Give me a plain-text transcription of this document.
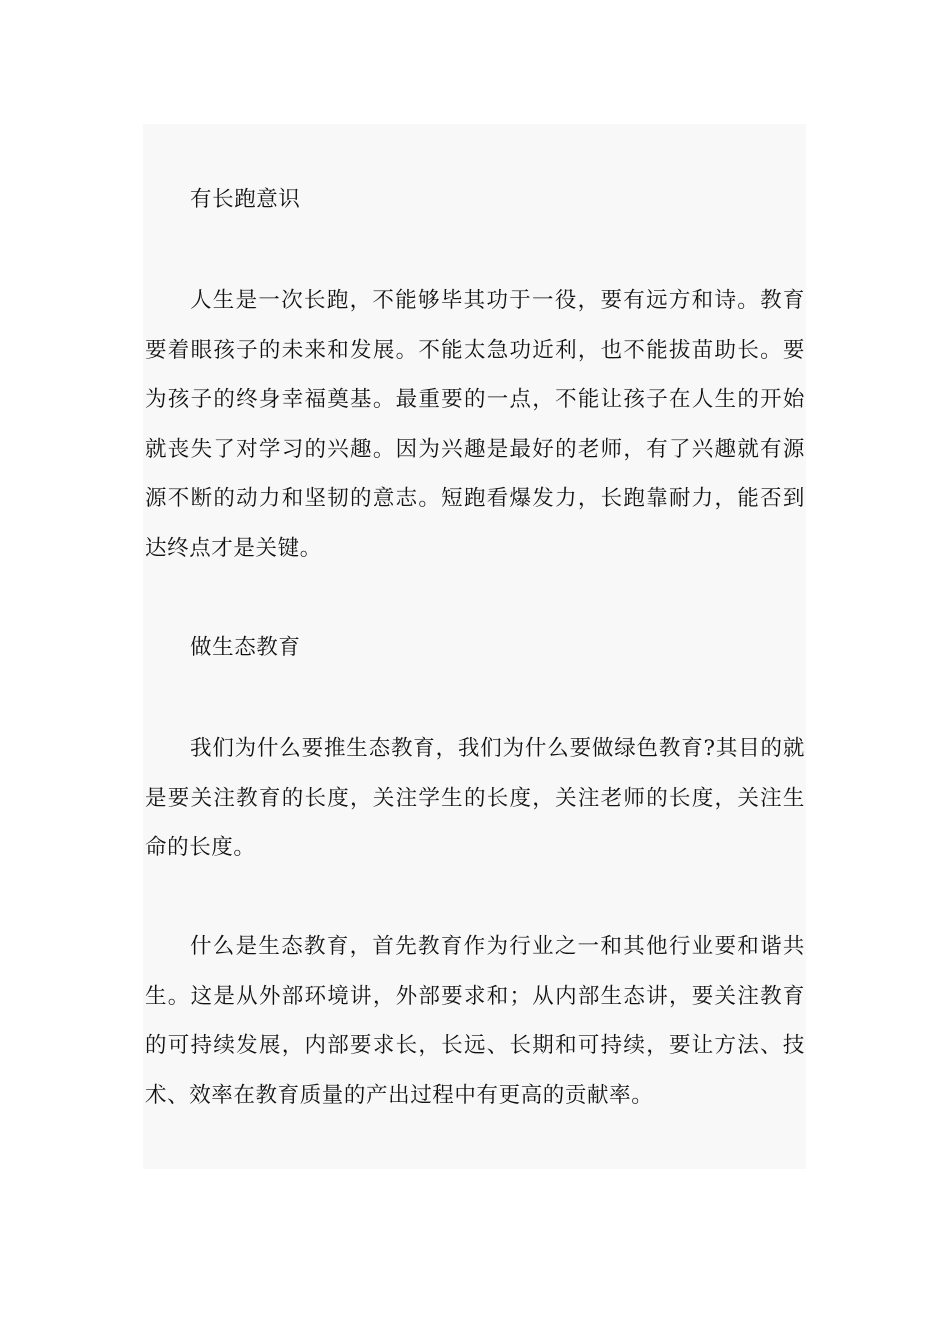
有长跑意识

人生是一次长跑，不能够毕其功于一役，要有远方和诗。教育要着眼孩子的未来和发展。不能太急功近利，也不能拔苗助长。要为孩子的终身幸福奠基。最重要的一点，不能让孩子在人生的开始就丧失了对学习的兴趣。因为兴趣是最好的老师，有了兴趣就有源源不断的动力和坚韧的意志。短跑看爆发力，长跑靠耐力，能否到达终点才是关键。

做生态教育

我们为什么要推生态教育，我们为什么要做绿色教育?其目的就是要关注教育的长度，关注学生的长度，关注老师的长度，关注生命的长度。

什么是生态教育，首先教育作为行业之一和其他行业要和谐共生。这是从外部环境讲，外部要求和；从内部生态讲，要关注教育的可持续发展，内部要求长，长远、长期和可持续，要让方法、技术、效率在教育质量的产出过程中有更高的贡献率。
